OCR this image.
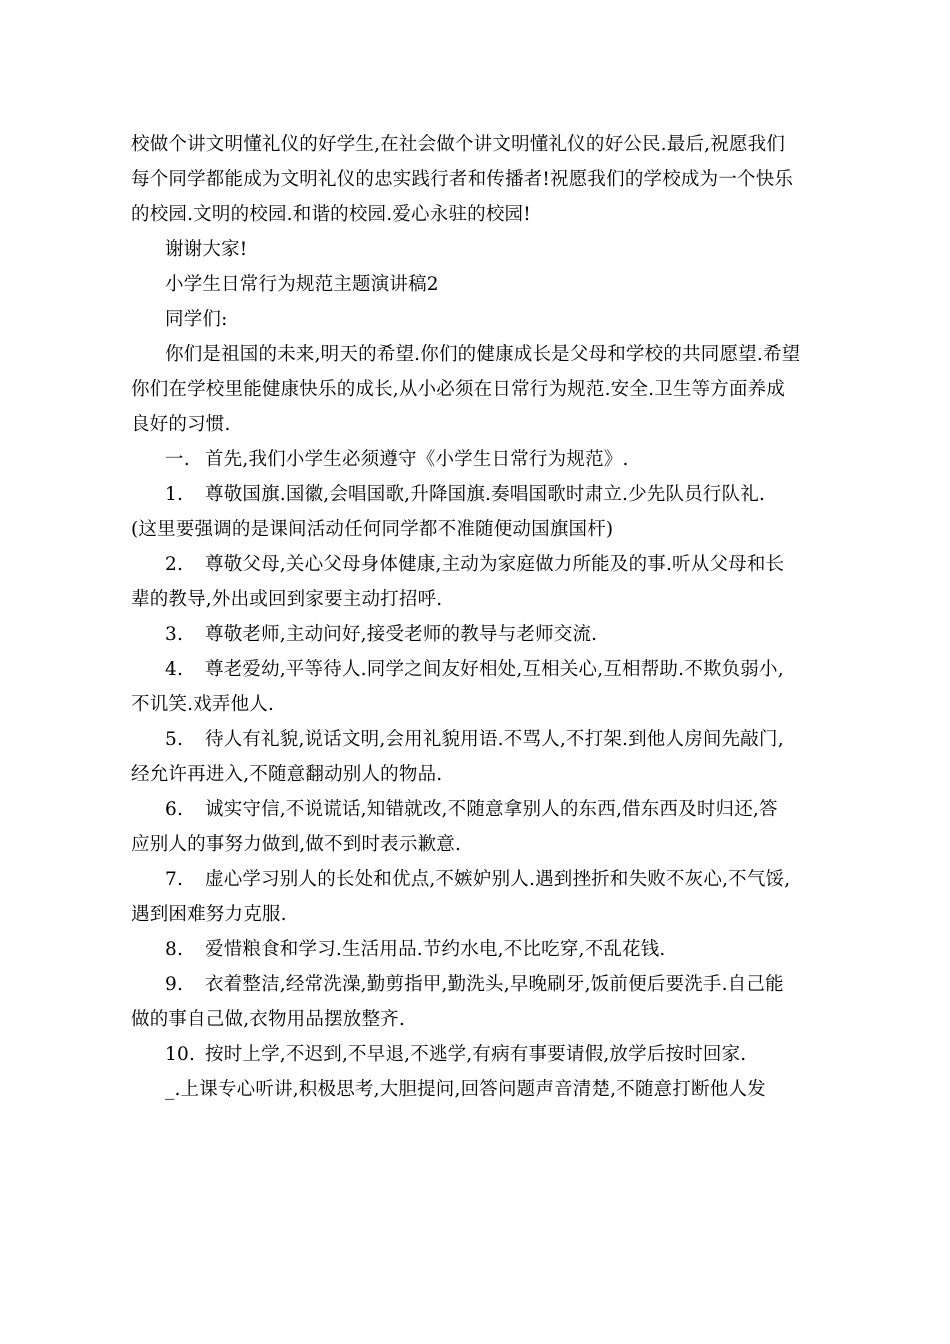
校做个讲文明懂礼仪的好学生,在社会做个讲文明懂礼仪的好公民.最后,祝愿我们

每个同学都能成为文明礼仪的忠实践行者和传播者!祝愿我们的学校成为一个快乐

的校园.文明的校园.和谐的校园.爱心永驻的校园!

谢谢大家!

小学生日常行为规范主题演讲稿2

同学们:

你们是祖国的未来,明天的希望.你们的健康成长是父母和学校的共同愿望.希望

你们在学校里能健康快乐的成长,从小必须在日常行为规范.安全.卫生等方面养成

良好的习惯.

一. 首先,我们小学生必须遵守《小学生日常行为规范》.

1. 尊敬国旗.国徽,会唱国歌,升降国旗.奏唱国歌时肃立.少先队员行队礼.

(这里要强调的是课间活动任何同学都不准随便动国旗国杆)

2. 尊敬父母,关心父母身体健康,主动为家庭做力所能及的事.听从父母和长

辈的教导,外出或回到家要主动打招呼.

3. 尊敬老师,主动问好,接受老师的教导与老师交流.

4. 尊老爱幼,平等待人.同学之间友好相处,互相关心,互相帮助.不欺负弱小,

不讥笑.戏弄他人.

5. 待人有礼貌,说话文明,会用礼貌用语.不骂人,不打架.到他人房间先敲门,

经允许再进入,不随意翻动别人的物品.

6. 诚实守信,不说谎话,知错就改,不随意拿别人的东西,借东西及时归还,答

应别人的事努力做到,做不到时表示歉意.

7. 虚心学习别人的长处和优点,不嫉妒别人.遇到挫折和失败不灰心,不气馁,

遇到困难努力克服.

8. 爱惜粮食和学习.生活用品.节约水电,不比吃穿,不乱花钱.

9. 衣着整洁,经常洗澡,勤剪指甲,勤洗头,早晚刷牙,饭前便后要洗手.自己能

做的事自己做,衣物用品摆放整齐.

10. 按时上学,不迟到,不早退,不逃学,有病有事要请假,放学后按时回家.

_.上课专心听讲,积极思考,大胆提问,回答问题声音清楚,不随意打断他人发
